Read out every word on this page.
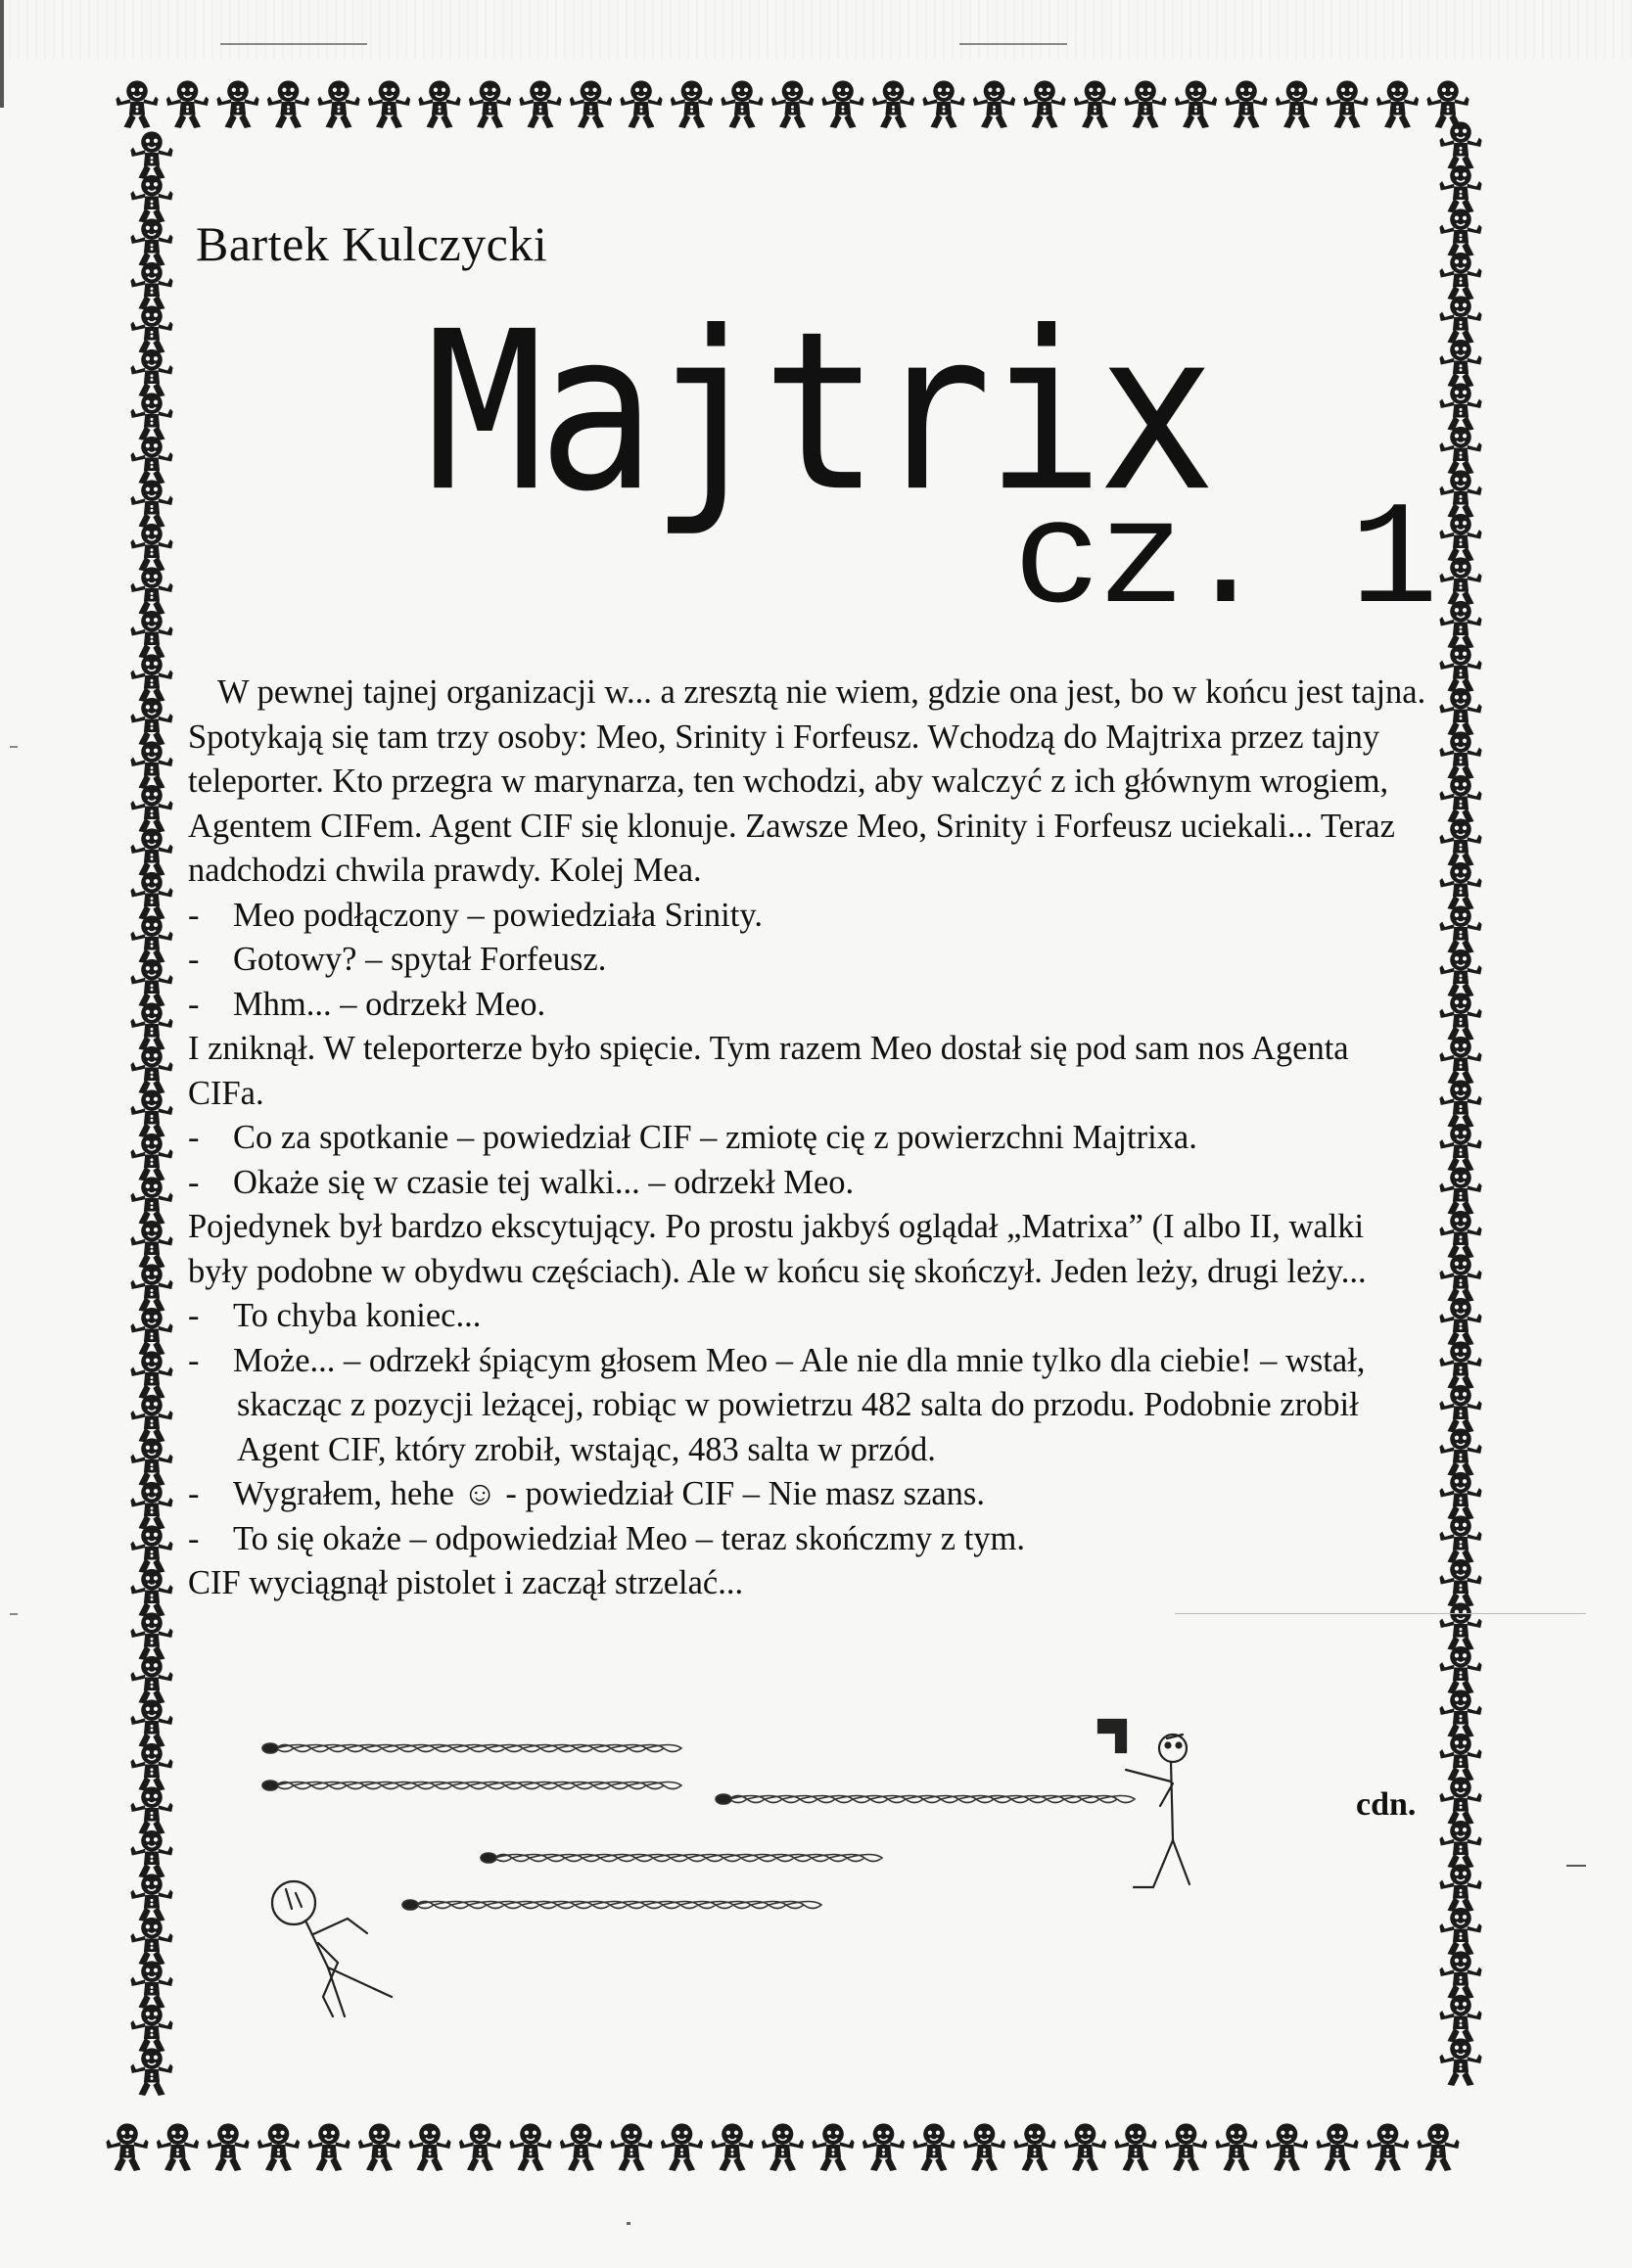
Bartek Kulczycki
Majtrix
cz. 1

W pewnej tajnej organizacji w... a zresztą nie wiem, gdzie ona jest, bo w końcu jest tajna. Spotykają się tam trzy osoby: Meo, Srinity i Forfeusz. Wchodzą do Majtrixa przez tajny teleporter. Kto przegra w marynarza, ten wchodzi, aby walczyć z ich głównym wrogiem, Agentem CIFem. Agent CIF się klonuje. Zawsze Meo, Srinity i Forfeusz uciekali... Teraz nadchodzi chwila prawdy. Kolej Mea.

-    Meo podłączony – powiedziała Srinity.

-    Gotowy? – spytał Forfeusz.

-    Mhm... – odrzekł Meo.

I zniknął. W teleporterze było spięcie. Tym razem Meo dostał się pod sam nos Agenta CIFa.

-    Co za spotkanie – powiedział CIF – zmiotę cię z powierzchni Majtrixa.

-    Okaże się w czasie tej walki... – odrzekł Meo.

Pojedynek był bardzo ekscytujący. Po prostu jakbyś oglądał „Matrixa” (I albo II, walki były podobne w obydwu częściach). Ale w końcu się skończył. Jeden leży, drugi leży...

-    To chyba koniec...

-    Może... – odrzekł śpiącym głosem Meo – Ale nie dla mnie tylko dla ciebie! – wstał, skacząc z pozycji leżącej, robiąc w powietrzu 482 salta do przodu. Podobnie zrobił Agent CIF, który zrobił, wstając, 483 salta w przód.

-    Wygrałem, hehe ☺ - powiedział CIF – Nie masz szans.

-    To się okaże – odpowiedział Meo – teraz skończmy z tym.

CIF wyciągnął pistolet i zaczął strzelać...

cdn.
